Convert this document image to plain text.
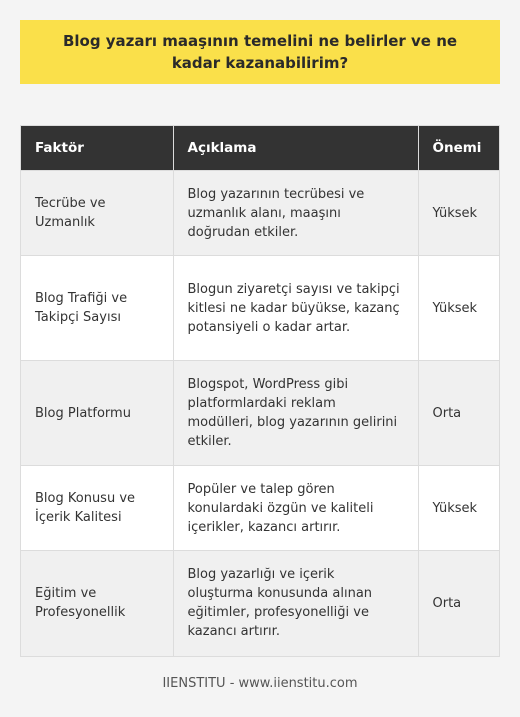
Blog yazarı maaşının temelini ne belirler ve ne kadar kazanabilirim?
Faktör	Açıklama	Önemi
Tecrübe ve Uzmanlık	Blog yazarının tecrübesi ve uzmanlık alanı, maaşını doğrudan etkiler.	Yüksek
Blog Trafiği ve Takipçi Sayısı	Blogun ziyaretçi sayısı ve takipçi kitlesi ne kadar büyükse, kazanç potansiyeli o kadar artar.	Yüksek
Blog Platformu	Blogspot, WordPress gibi platformlardaki reklam modülleri, blog yazarının gelirini etkiler.	Orta
Blog Konusu ve İçerik Kalitesi	Popüler ve talep gören konulardaki özgün ve kaliteli içerikler, kazancı artırır.	Yüksek
Eğitim ve Profesyonellik	Blog yazarlığı ve içerik oluşturma konusunda alınan eğitimler, profesyonelliği ve kazancı artırır.	Orta
IIENSTITU - www.iienstitu.com
